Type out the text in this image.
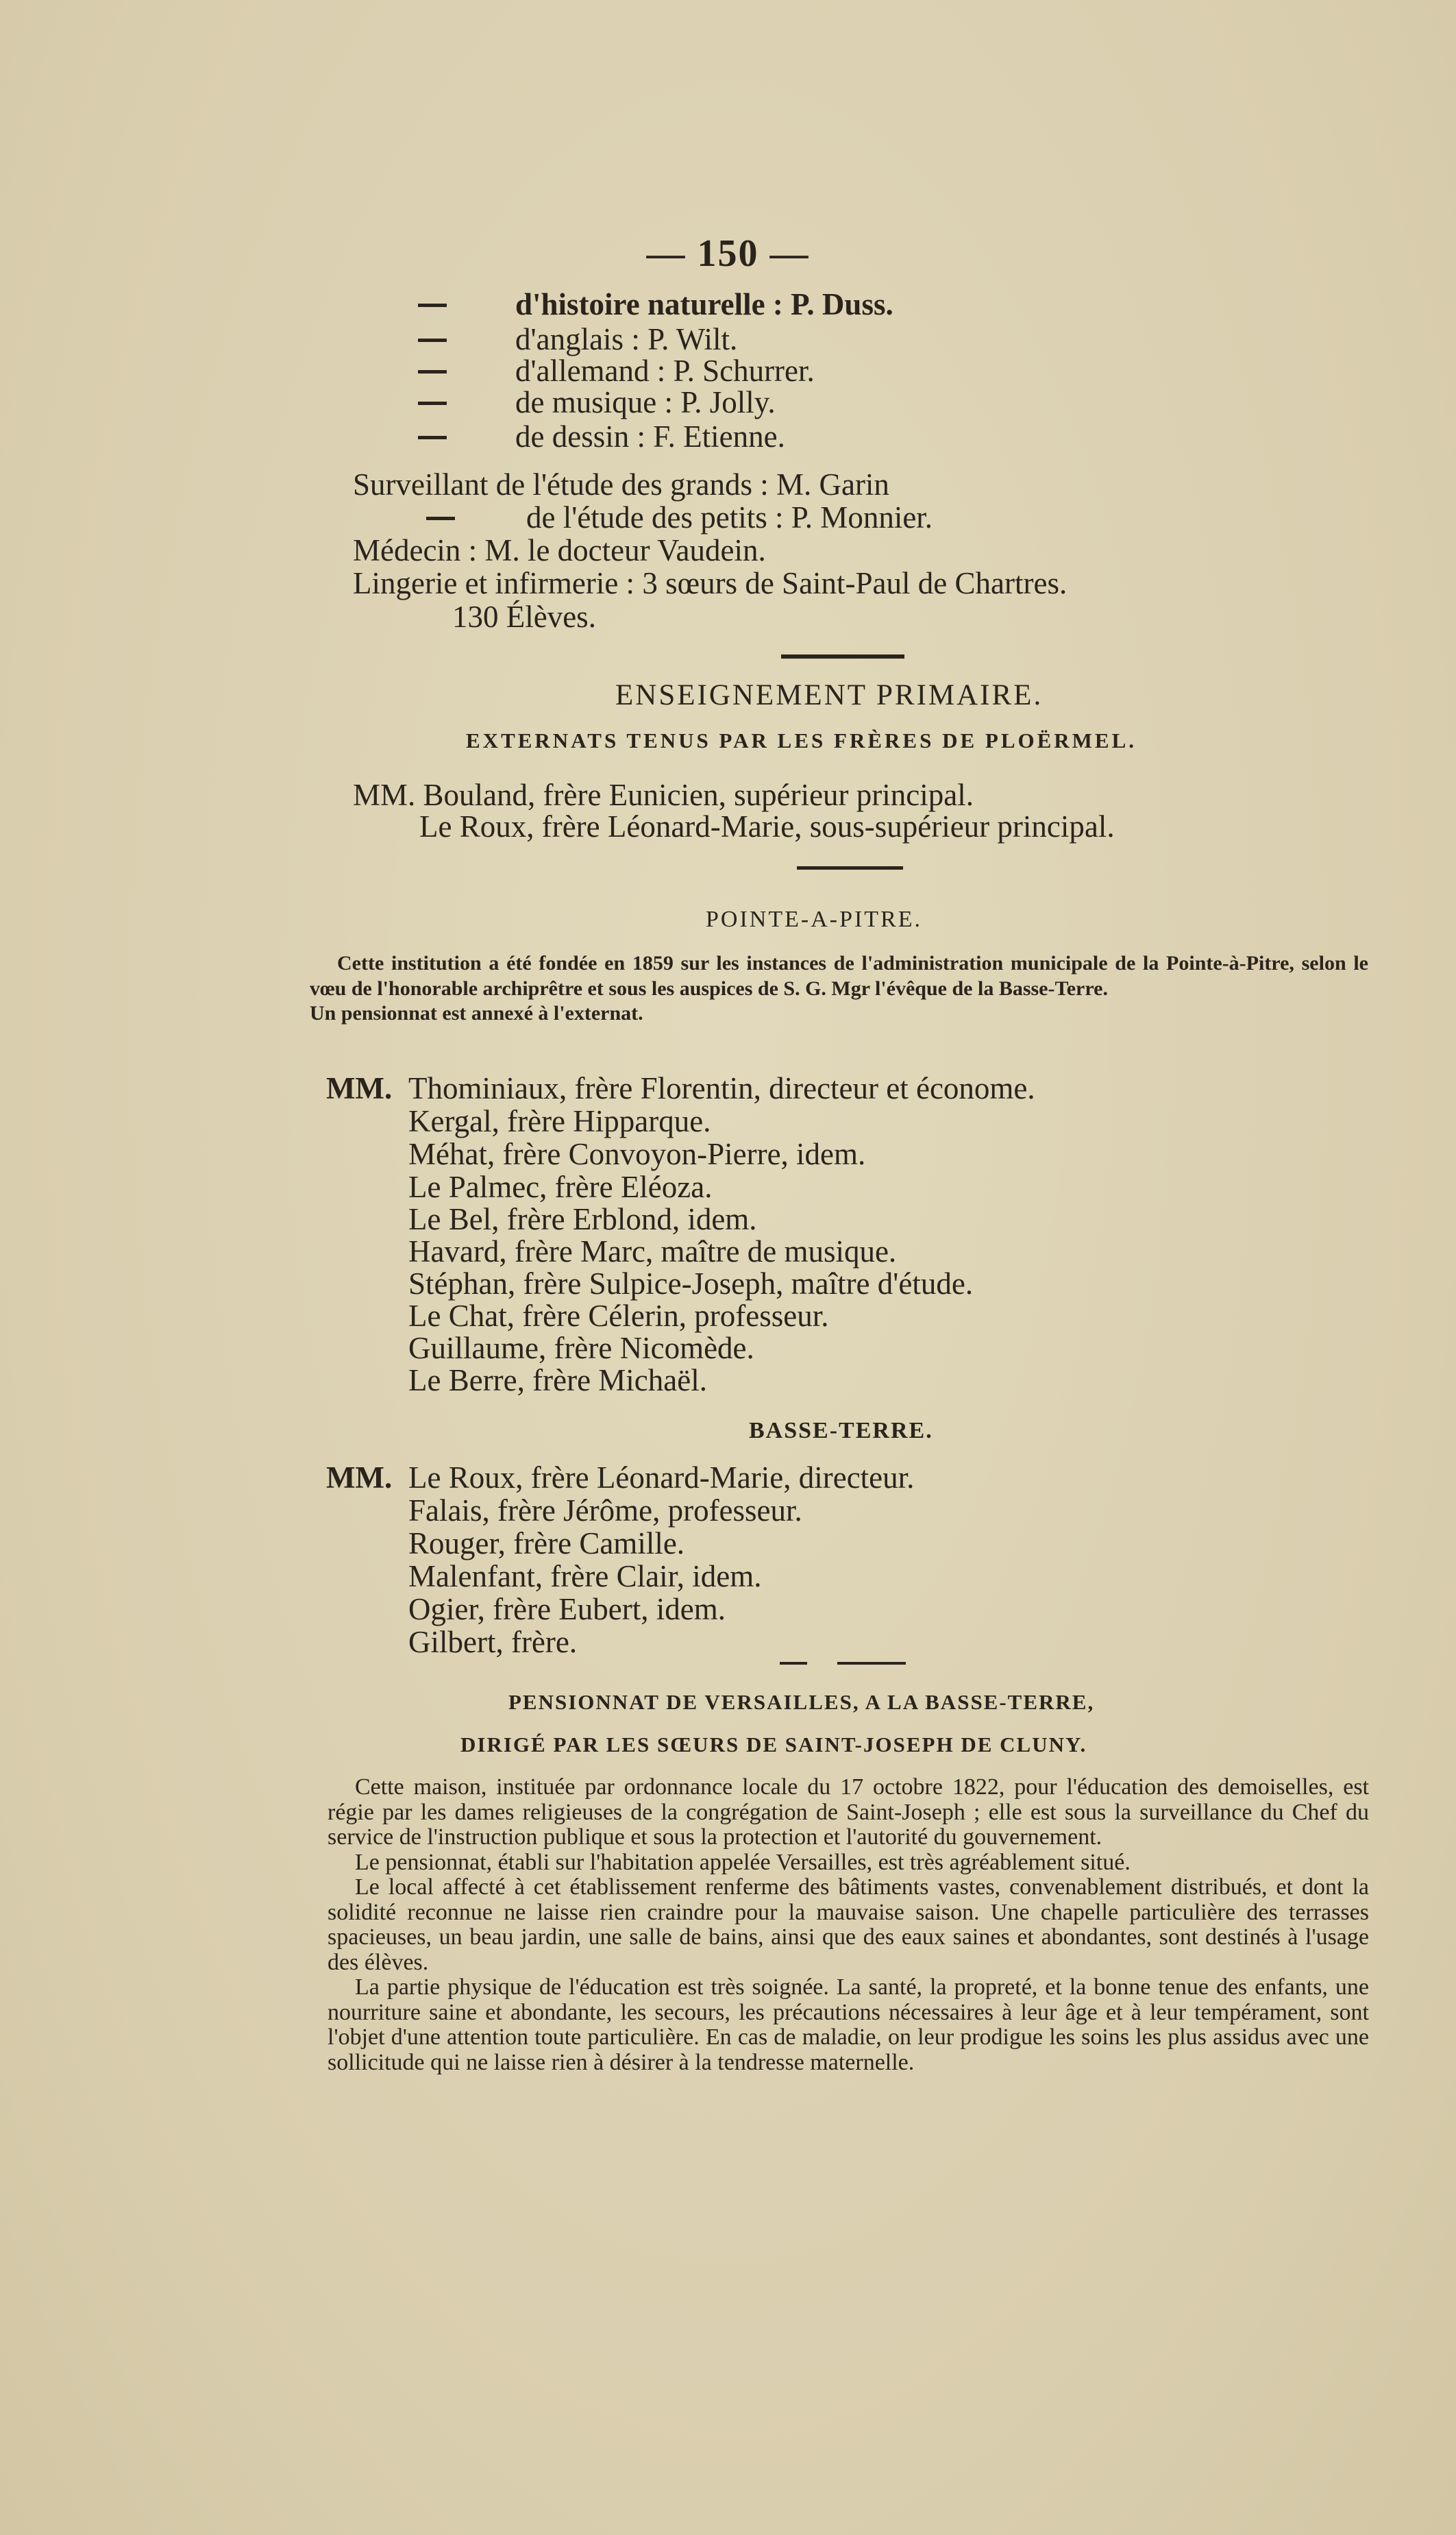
— 150 —
d'histoire naturelle : P. Duss.
d'anglais : P. Wilt.
d'allemand : P. Schurrer.
de musique : P. Jolly.
de dessin : F. Etienne.
Surveillant de l'étude des grands : M. Garin
de l'étude des petits : P. Monnier.
Médecin : M. le docteur Vaudein.
Lingerie et infirmerie : 3 sœurs de Saint-Paul de Chartres.
130 Élèves.
ENSEIGNEMENT PRIMAIRE.
EXTERNATS TENUS PAR LES FRÈRES DE PLOËRMEL.
MM. Bouland, frère Eunicien, supérieur principal.
Le Roux, frère Léonard-Marie, sous-supérieur principal.
POINTE-A-PITRE.

Cette institution a été fondée en 1859 sur les instances de l'administration municipale de la Pointe-à-Pitre, selon le vœu de l'honorable archiprêtre et sous les auspices de S. G. Mgr l'évêque de la Basse-Terre.

Un pensionnat est annexé à l'externat.

MM. Thominiaux, frère Florentin, directeur et économe.
Kergal, frère Hipparque.
Méhat, frère Convoyon-Pierre, idem.
Le Palmec, frère Eléoza.
Le Bel, frère Erblond, idem.
Havard, frère Marc, maître de musique.
Stéphan, frère Sulpice-Joseph, maître d'étude.
Le Chat, frère Célerin, professeur.
Guillaume, frère Nicomède.
Le Berre, frère Michaël.
BASSE-TERRE.
MM. Le Roux, frère Léonard-Marie, directeur.
Falais, frère Jérôme, professeur.
Rouger, frère Camille.
Malenfant, frère Clair, idem.
Ogier, frère Eubert, idem.
Gilbert, frère.
PENSIONNAT DE VERSAILLES, A LA BASSE-TERRE,
DIRIGÉ PAR LES SŒURS DE SAINT-JOSEPH DE CLUNY.

Cette maison, instituée par ordonnance locale du 17 octobre 1822, pour l'éducation des demoiselles, est régie par les dames religieuses de la congrégation de Saint-Joseph ; elle est sous la surveillance du Chef du service de l'instruction publique et sous la protection et l'autorité du gouvernement.

Le pensionnat, établi sur l'habitation appelée Versailles, est très agréablement situé.

Le local affecté à cet établissement renferme des bâtiments vastes, convenablement distribués, et dont la solidité reconnue ne laisse rien craindre pour la mauvaise saison. Une chapelle particulière des terrasses spacieuses, un beau jardin, une salle de bains, ainsi que des eaux saines et abondantes, sont destinés à l'usage des élèves.

La partie physique de l'éducation est très soignée. La santé, la propreté, et la bonne tenue des enfants, une nourriture saine et abondante, les secours, les précautions nécessaires à leur âge et à leur tempérament, sont l'objet d'une attention toute particulière. En cas de maladie, on leur prodigue les soins les plus assidus avec une sollicitude qui ne laisse rien à désirer à la tendresse maternelle.
